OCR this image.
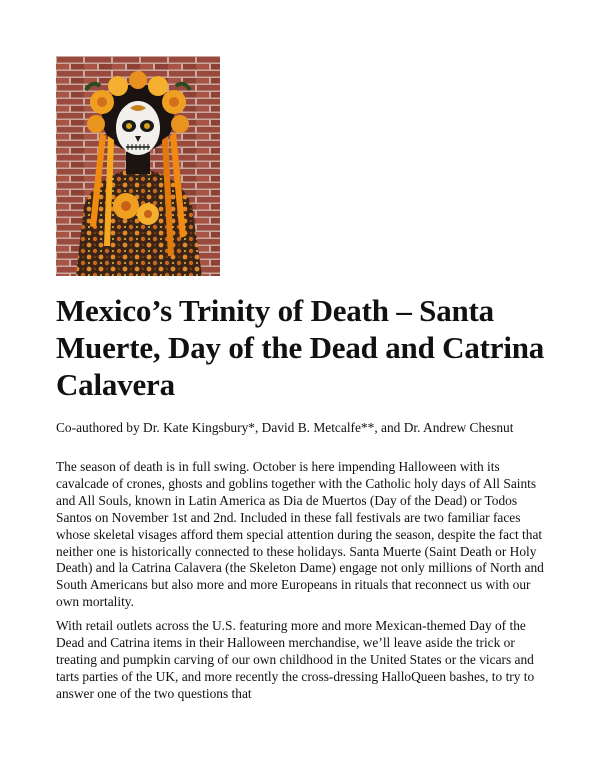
Mexico’s Trinity of Death – Santa Muerte, Day of the Dead and Catrina Calavera

Co-authored by Dr. Kate Kingsbury*, David B. Metcalfe**, and Dr. Andrew Chesnut

The season of death is in full swing. October is here impending Halloween with its cavalcade of crones, ghosts and goblins together with the Catholic holy days of All Saints and All Souls, known in Latin America as Dia de Muertos (Day of the Dead) or Todos Santos on November 1st and 2nd. Included in these fall festivals are two familiar faces whose skeletal visages afford them special attention during the season, despite the fact that neither one is historically connected to these holidays. Santa Muerte (Saint Death or Holy Death) and la Catrina Calavera (the Skeleton Dame) engage not only millions of North and South Americans but also more and more Europeans in rituals that reconnect us with our own mortality.

With retail outlets across the U.S. featuring more and more Mexican-themed Day of the Dead and Catrina items in their Halloween merchandise, we’ll leave aside the trick or treating and pumpkin carving of our own childhood in the United States or the vicars and tarts parties of the UK, and more recently the cross-dressing HalloQueen bashes, to try to answer one of the two questions that
